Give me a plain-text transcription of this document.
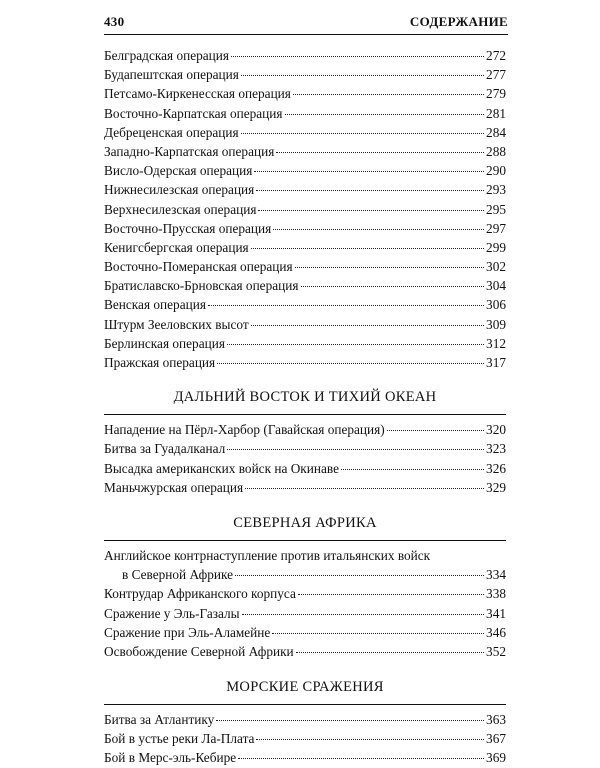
430	СОДЕРЖАНИЕ
Белградская операция	272
Будапештская операция	277
Петсамо-Киркенесская операция	279
Восточно-Карпатская операция	281
Дебреценская операция	284
Западно-Карпатская операция	288
Висло-Одерская операция	290
Нижнесилезская операция	293
Верхнесилезская операция	295
Восточно-Прусская операция	297
Кенигсбергская операция	299
Восточно-Померанская операция	302
Братиславско-Брновская операция	304
Венская операция	306
Штурм Зееловских высот	309
Берлинская операция	312
Пражская операция	317
ДАЛЬНИЙ ВОСТОК И ТИХИЙ ОКЕАН
Нападение на Пёрл-Харбор (Гавайская операция)	320
Битва за Гуадалканал	323
Высадка американских войск на Окинаве	326
Маньчжурская операция	329
СЕВЕРНАЯ АФРИКА
Английское контрнаступление против итальянских войск
в Северной Африке	334
Контрудар Африканского корпуса	338
Сражение у Эль-Газалы	341
Сражение при Эль-Аламейне	346
Освобождение Северной Африки	352
МОРСКИЕ СРАЖЕНИЯ
Битва за Атлантику	363
Бой в устье реки Ла-Плата	367
Бой в Мерс-эль-Кебире	369
